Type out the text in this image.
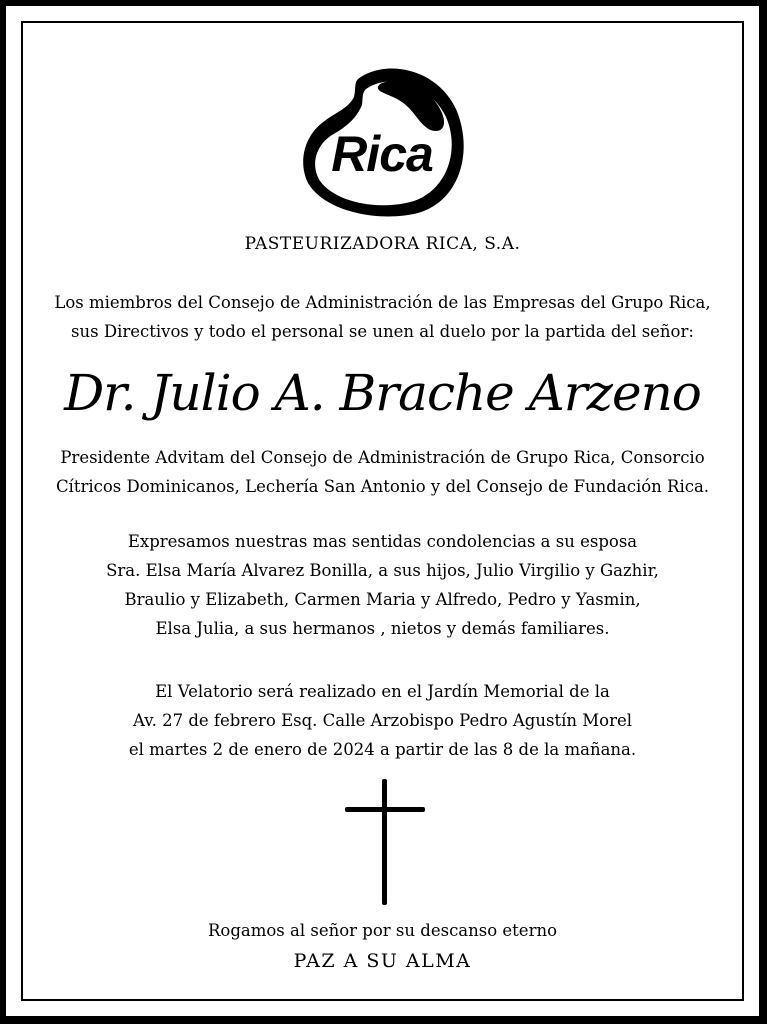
Rica
PASTEURIZADORA RICA, S.A.
Los miembros del Consejo de Administración de las Empresas del Grupo Rica,
sus Directivos y todo el personal se unen al duelo por la partida del señor:
Dr. Julio A. Brache Arzeno
Presidente Advitam del Consejo de Administración de Grupo Rica, Consorcio
Cítricos Dominicanos, Lechería San Antonio y del Consejo de Fundación Rica.
Expresamos nuestras mas sentidas condolencias a su esposa
Sra. Elsa María Alvarez Bonilla, a sus hijos, Julio Virgilio y Gazhir,
Braulio y Elizabeth, Carmen Maria y Alfredo, Pedro y Yasmin,
Elsa Julia, a sus hermanos , nietos y demás familiares.
El Velatorio será realizado en el Jardín Memorial de la
Av. 27 de febrero Esq. Calle Arzobispo Pedro Agustín Morel
el martes 2 de enero de 2024 a partir de las 8 de la mañana.
Rogamos al señor por su descanso eterno
PAZ A SU ALMA
